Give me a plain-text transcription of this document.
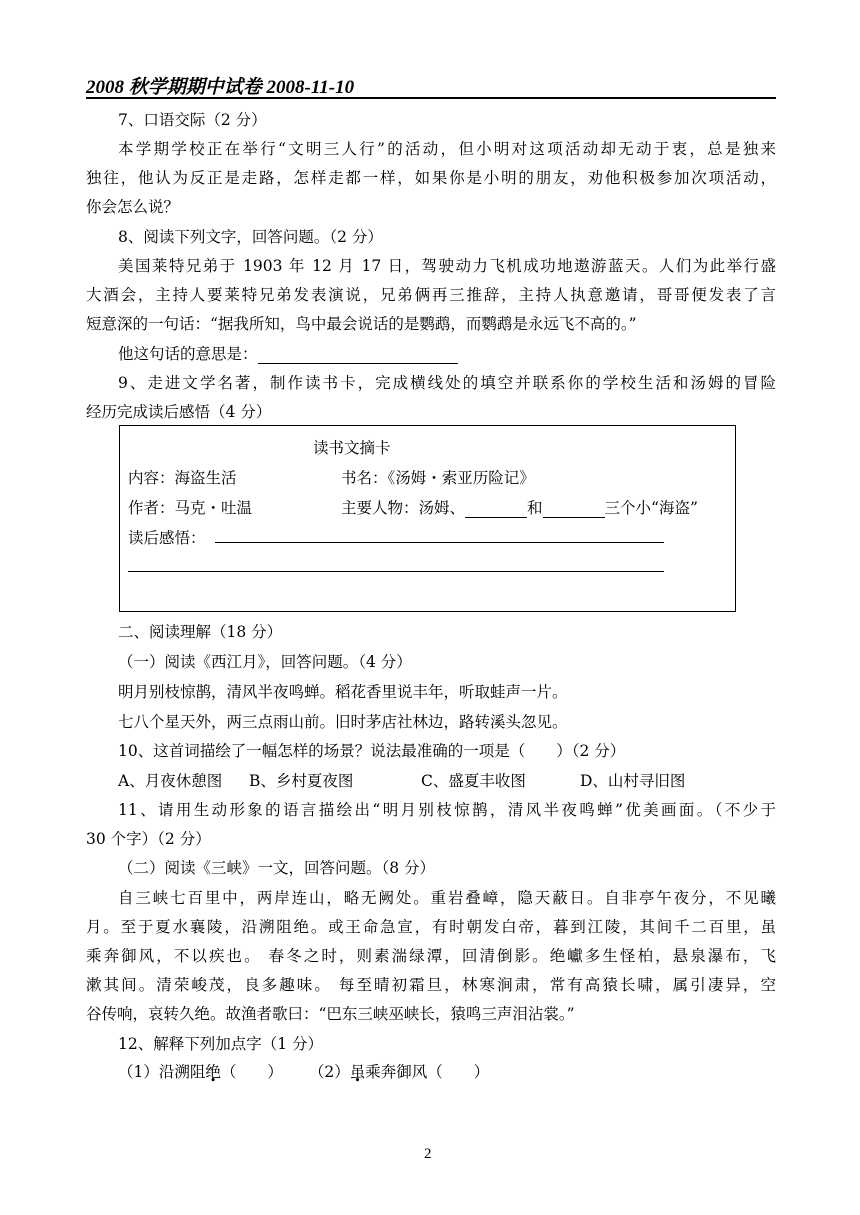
2008 秋学期期中试卷 2008-11-10
7、口语交际（2 分）
本学期学校正在举行“文明三人行”的活动，但小明对这项活动却无动于衷，总是独来
独往，他认为反正是走路，怎样走都一样，如果你是小明的朋友，劝他积极参加次项活动，
你会怎么说？
8、阅读下列文字，回答问题。（2 分）
美国莱特兄弟于 1903 年 12 月 17 日，驾驶动力飞机成功地遨游蓝天。人们为此举行盛
大酒会，主持人要莱特兄弟发表演说，兄弟俩再三推辞，主持人执意邀请，哥哥便发表了言
短意深的一句话：“据我所知，鸟中最会说话的是鹦鹉，而鹦鹉是永远飞不高的。”
他这句话的意思是：
9、走进文学名著，制作读书卡，完成横线处的填空并联系你的学校生活和汤姆的冒险
经历完成读后感悟（4 分）
读书文摘卡
内容：海盗生活	书名：《汤姆・索亚历险记》
作者：马克・吐温	主要人物：汤姆、	和	三个小“海盗”
读后感悟：
二、阅读理解（18 分）
（一）阅读《西江月》，回答问题。（4 分）
明月别枝惊鹊，清风半夜鸣蝉。稻花香里说丰年，听取蛙声一片。
七八个星天外，两三点雨山前。旧时茅店社林边，路转溪头忽见。
10、这首词描绘了一幅怎样的场景？说法最准确的一项是（　　）（2 分）
A、月夜休憩图 B、乡村夏夜图	C、盛夏丰收图	D、山村寻旧图
11、请用生动形象的语言描绘出“明月别枝惊鹊，清风半夜鸣蝉”优美画面。（不少于
30 个字）（2 分）
（二）阅读《三峡》一文，回答问题。（8 分）
自三峡七百里中，两岸连山，略无阙处。重岩叠嶂，隐天蔽日。自非亭午夜分，不见曦
月。至于夏水襄陵，沿溯阻绝。或王命急宣，有时朝发白帝，暮到江陵，其间千二百里，虽
乘奔御风，不以疾也。 春冬之时，则素湍绿潭，回清倒影。绝巘多生怪柏，悬泉瀑布，飞
漱其间。清荣峻茂，良多趣味。 每至晴初霜旦，林寒涧肃，常有高猿长啸，属引凄异，空
谷传响，哀转久绝。故渔者歌曰：“巴东三峡巫峡长，猿鸣三声泪沾裳。”
12、解释下列加点字（1 分）
（1）沿溯阻绝（　　） （2）虽乘奔御风（　　）
2
